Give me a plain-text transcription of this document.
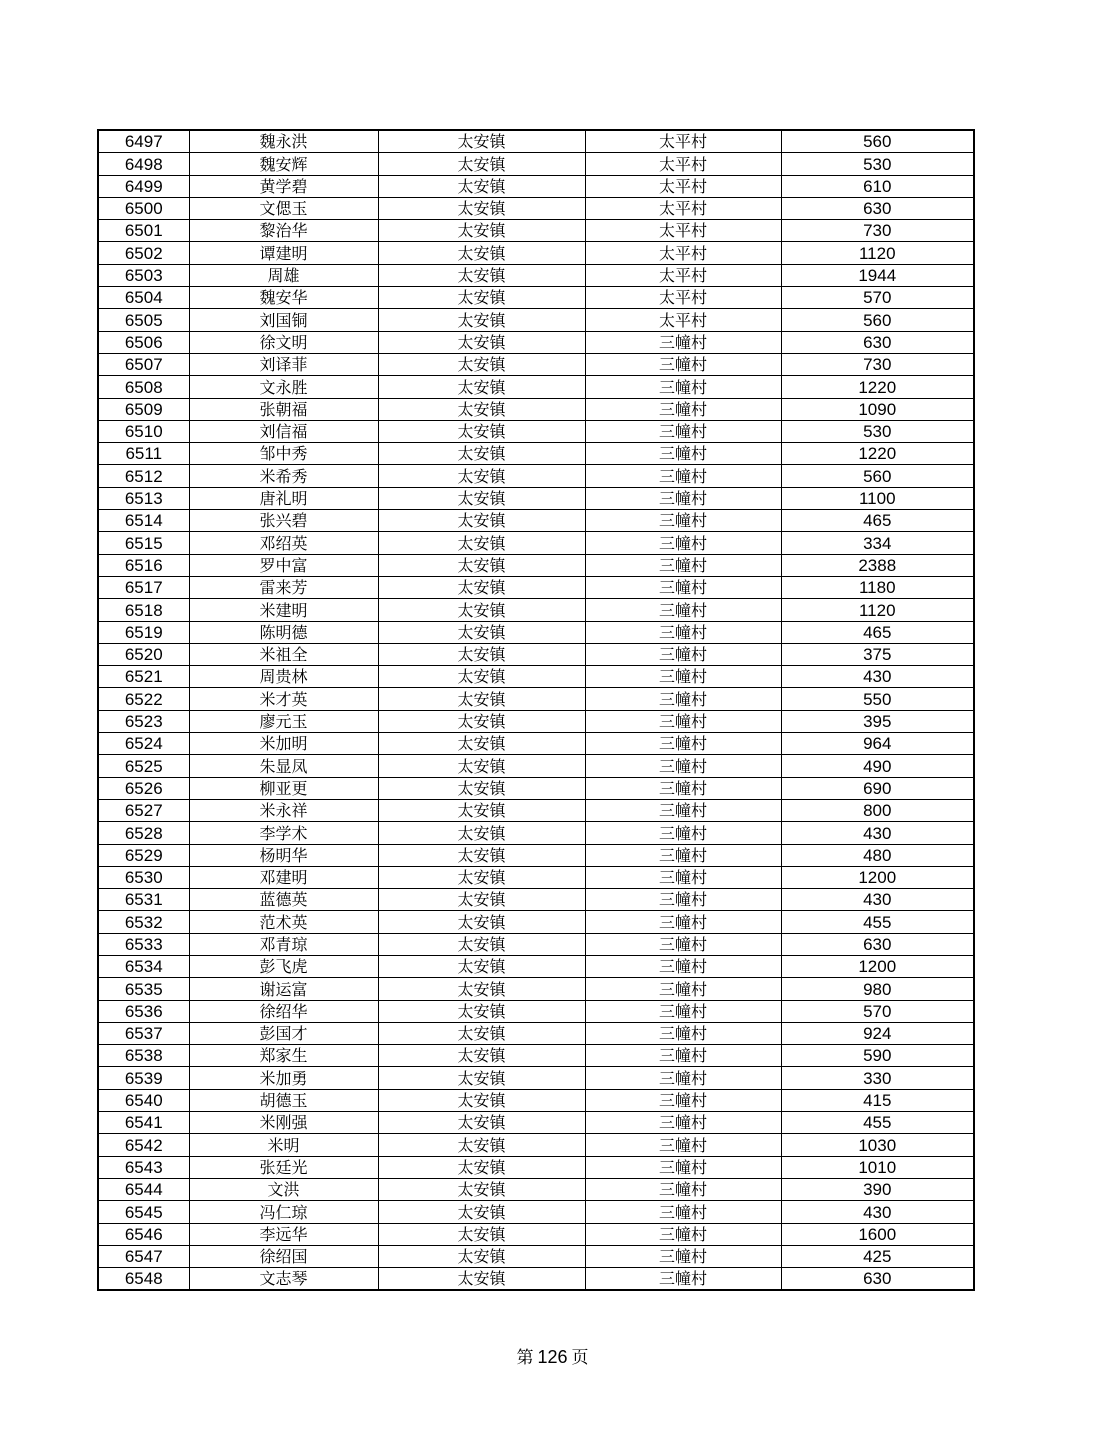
6497	魏永洪	太安镇	太平村	560
6498	魏安辉	太安镇	太平村	530
6499	黄学碧	太安镇	太平村	610
6500	文偲玉	太安镇	太平村	630
6501	黎治华	太安镇	太平村	730
6502	谭建明	太安镇	太平村	1120
6503	周雄	太安镇	太平村	1944
6504	魏安华	太安镇	太平村	570
6505	刘国铜	太安镇	太平村	560
6506	徐文明	太安镇	三幢村	630
6507	刘译菲	太安镇	三幢村	730
6508	文永胜	太安镇	三幢村	1220
6509	张朝福	太安镇	三幢村	1090
6510	刘信福	太安镇	三幢村	530
6511	邹中秀	太安镇	三幢村	1220
6512	米希秀	太安镇	三幢村	560
6513	唐礼明	太安镇	三幢村	1100
6514	张兴碧	太安镇	三幢村	465
6515	邓绍英	太安镇	三幢村	334
6516	罗中富	太安镇	三幢村	2388
6517	雷来芳	太安镇	三幢村	1180
6518	米建明	太安镇	三幢村	1120
6519	陈明德	太安镇	三幢村	465
6520	米祖全	太安镇	三幢村	375
6521	周贵林	太安镇	三幢村	430
6522	米才英	太安镇	三幢村	550
6523	廖元玉	太安镇	三幢村	395
6524	米加明	太安镇	三幢村	964
6525	朱显凤	太安镇	三幢村	490
6526	柳亚更	太安镇	三幢村	690
6527	米永祥	太安镇	三幢村	800
6528	李学术	太安镇	三幢村	430
6529	杨明华	太安镇	三幢村	480
6530	邓建明	太安镇	三幢村	1200
6531	蓝德英	太安镇	三幢村	430
6532	范术英	太安镇	三幢村	455
6533	邓青琼	太安镇	三幢村	630
6534	彭飞虎	太安镇	三幢村	1200
6535	谢运富	太安镇	三幢村	980
6536	徐绍华	太安镇	三幢村	570
6537	彭国才	太安镇	三幢村	924
6538	郑家生	太安镇	三幢村	590
6539	米加勇	太安镇	三幢村	330
6540	胡德玉	太安镇	三幢村	415
6541	米刚强	太安镇	三幢村	455
6542	米明	太安镇	三幢村	1030
6543	张廷光	太安镇	三幢村	1010
6544	文洪	太安镇	三幢村	390
6545	冯仁琼	太安镇	三幢村	430
6546	李远华	太安镇	三幢村	1600
6547	徐绍国	太安镇	三幢村	425
6548	文志琴	太安镇	三幢村	630
第 126 页
